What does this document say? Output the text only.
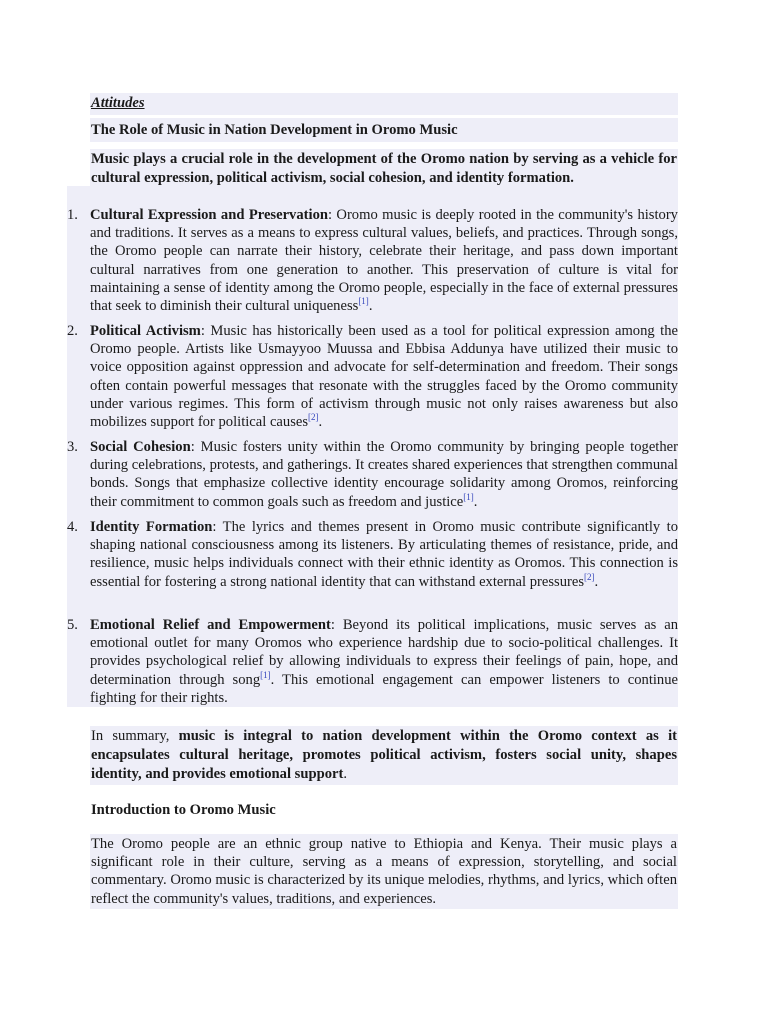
Attitudes
The Role of Music in Nation Development in Oromo Music
Music plays a crucial role in the development of the Oromo nation by serving as a vehicle for cultural expression, political activism, social cohesion, and identity formation.
1. Cultural Expression and Preservation: Oromo music is deeply rooted in the community's history and traditions. It serves as a means to express cultural values, beliefs, and practices. Through songs, the Oromo people can narrate their history, celebrate their heritage, and pass down important cultural narratives from one generation to another. This preservation of culture is vital for maintaining a sense of identity among the Oromo people, especially in the face of external pressures that seek to diminish their cultural uniqueness[1].
2. Political Activism: Music has historically been used as a tool for political expression among the Oromo people. Artists like Usmayyoo Muussa and Ebbisa Addunya have utilized their music to voice opposition against oppression and advocate for self-determination and freedom. Their songs often contain powerful messages that resonate with the struggles faced by the Oromo community under various regimes. This form of activism through music not only raises awareness but also mobilizes support for political causes[2].
3. Social Cohesion: Music fosters unity within the Oromo community by bringing people together during celebrations, protests, and gatherings. It creates shared experiences that strengthen communal bonds. Songs that emphasize collective identity encourage solidarity among Oromos, reinforcing their commitment to common goals such as freedom and justice[1].
4. Identity Formation: The lyrics and themes present in Oromo music contribute significantly to shaping national consciousness among its listeners. By articulating themes of resistance, pride, and resilience, music helps individuals connect with their ethnic identity as Oromos. This connection is essential for fostering a strong national identity that can withstand external pressures[2].
5. Emotional Relief and Empowerment: Beyond its political implications, music serves as an emotional outlet for many Oromos who experience hardship due to socio-political challenges. It provides psychological relief by allowing individuals to express their feelings of pain, hope, and determination through song[1]. This emotional engagement can empower listeners to continue fighting for their rights.
In summary, music is integral to nation development within the Oromo context as it encapsulates cultural heritage, promotes political activism, fosters social unity, shapes identity, and provides emotional support.
Introduction to Oromo Music
The Oromo people are an ethnic group native to Ethiopia and Kenya. Their music plays a significant role in their culture, serving as a means of expression, storytelling, and social commentary. Oromo music is characterized by its unique melodies, rhythms, and lyrics, which often reflect the community's values, traditions, and experiences.
